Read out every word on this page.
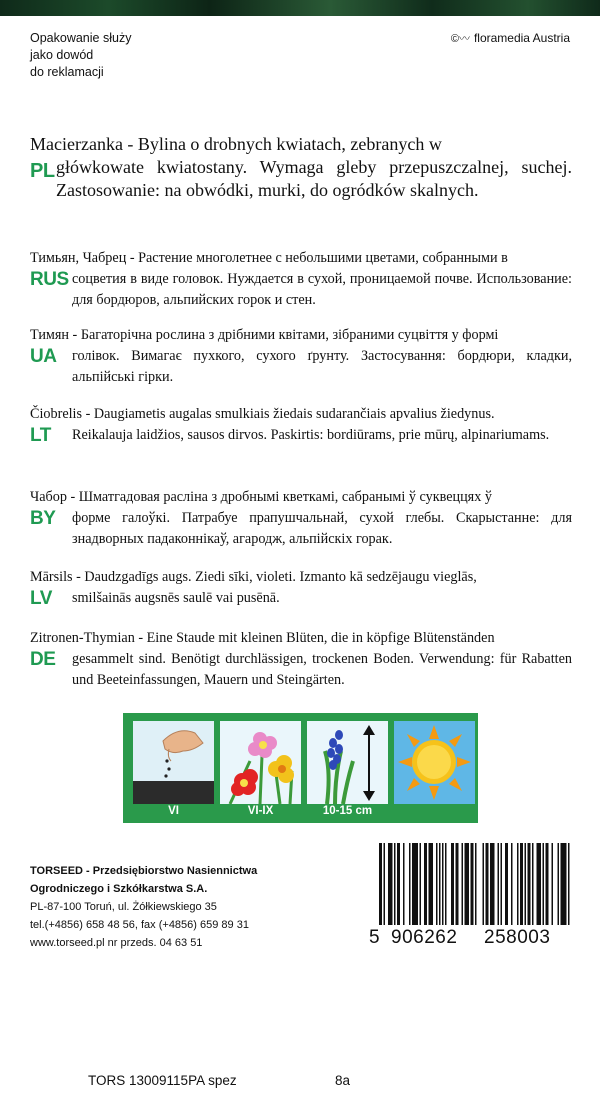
Opakowanie służy
jako dowód
do reklamacji
©〰 floramedia Austria
Macierzanka - Bylina o drobnych kwiatach, zebranych w
główkowate kwiatostany. Wymaga gleby przepuszczalnej, suchej. Zastosowanie: na obwódki, murki, do ogródków skalnych.
PL
Тимьян, Чабрец - Растение многолетнее с небольшими цветами, собранными в
соцветия в виде головок. Нуждается в сухой, проницаемой почве. Использование: для бордюров, альпийских горок и стен.
RUS
Тимян - Багаторічна рослина з дрібними квітами, зібраними суцвіття у формі
голівок. Вимагає пухкого, сухого ґрунту. Застосування: бордюри, кладки, альпійські гірки.
UA
Čiobrelis - Daugiametis augalas smulkiais žiedais sudarančiais apvalius žiedynus.
Reikalauja laidžios, sausos dirvos. Paskirtis: bordiūrams, prie mūrų, alpinariumams.
LT
Чабор - Шматгадовая расліна з дробнымі кветкамі, сабранымі ў суквеццях ў
форме галоўкі. Патрабуе прапушчальнай, сухой глебы. Скарыстанне: для знадворных падаконнікаў, агародж, альпійскіх горак.
BY
Mārsils - Daudzgadīgs augs. Ziedi sīki, violeti. Izmanto kā sedzējaugu vieglās,
smilšainās augsnēs saulē vai pusēnā.
LV
Zitronen-Thymian - Eine Staude mit kleinen Blüten, die in köpfige Blütenständen
gesammelt sind. Benötigt durchlässigen, trockenen Boden. Verwendung: für Rabatten und Beeteinfassungen, Mauern und Steingärten.
DE
VI	VI-IX	10-15 cm
TORSEED - Przedsiębiorstwo Nasiennictwa
Ogrodniczego i Szkółkarstwa S.A.
PL-87-100 Toruń, ul. Żółkiewskiego 35
tel.(+4856) 658 48 56, fax (+4856) 659 89 31
www.torseed.pl nr przeds. 04 63 51	5 906262 258003
TORS 13009115PA spez	8a
